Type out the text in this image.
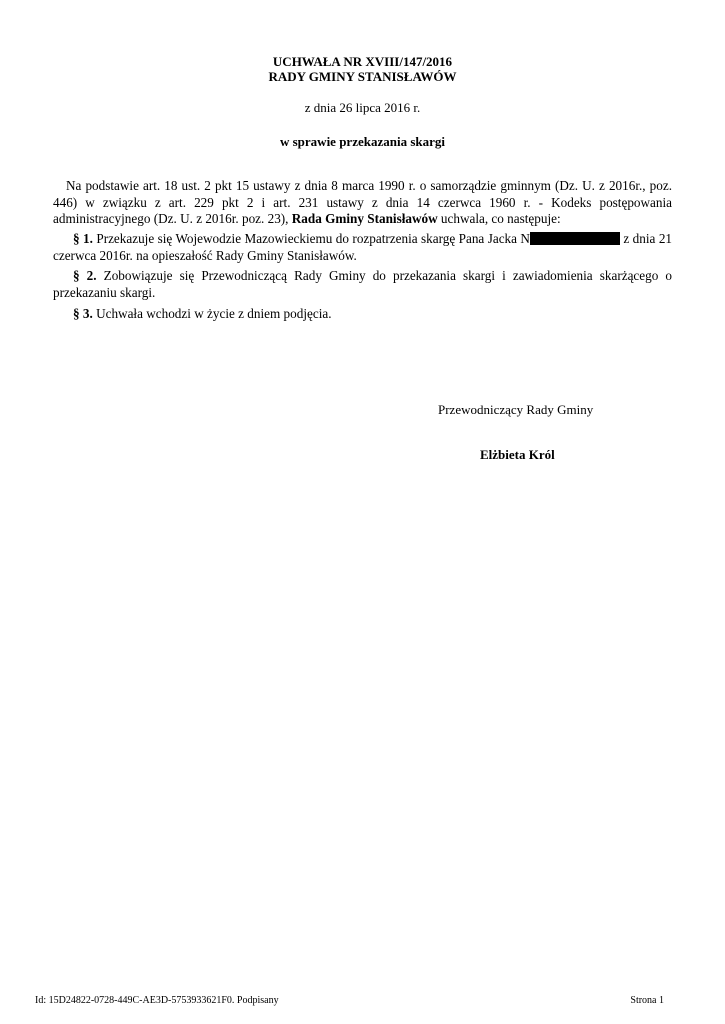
UCHWAŁA NR XVIII/147/2016
RADY GMINY STANISŁAWÓW
z dnia 26 lipca 2016 r.
w sprawie przekazania skargi
Na podstawie art. 18 ust. 2 pkt 15 ustawy z dnia 8 marca 1990 r. o samorządzie gminnym (Dz. U. z 2016r., poz. 446) w związku z art. 229 pkt 2 i art. 231 ustawy z dnia 14 czerwca 1960 r. - Kodeks postępowania administracyjnego (Dz. U. z 2016r. poz. 23), Rada Gminy Stanisławów uchwala, co następuje:
§ 1. Przekazuje się Wojewodzie Mazowieckiemu do rozpatrzenia skargę Pana Jacka N	z dnia 21 czerwca 2016r. na opieszałość Rady Gminy Stanisławów.
§ 2. Zobowiązuje się Przewodniczącą Rady Gminy do przekazania skargi i zawiadomienia skarżącego o przekazaniu skargi.
§ 3. Uchwała wchodzi w życie z dniem podjęcia.
Przewodniczący Rady Gminy
Elżbieta Król
Id: 15D24822-0728-449C-AE3D-5753933621F0. Podpisany	Strona 1
